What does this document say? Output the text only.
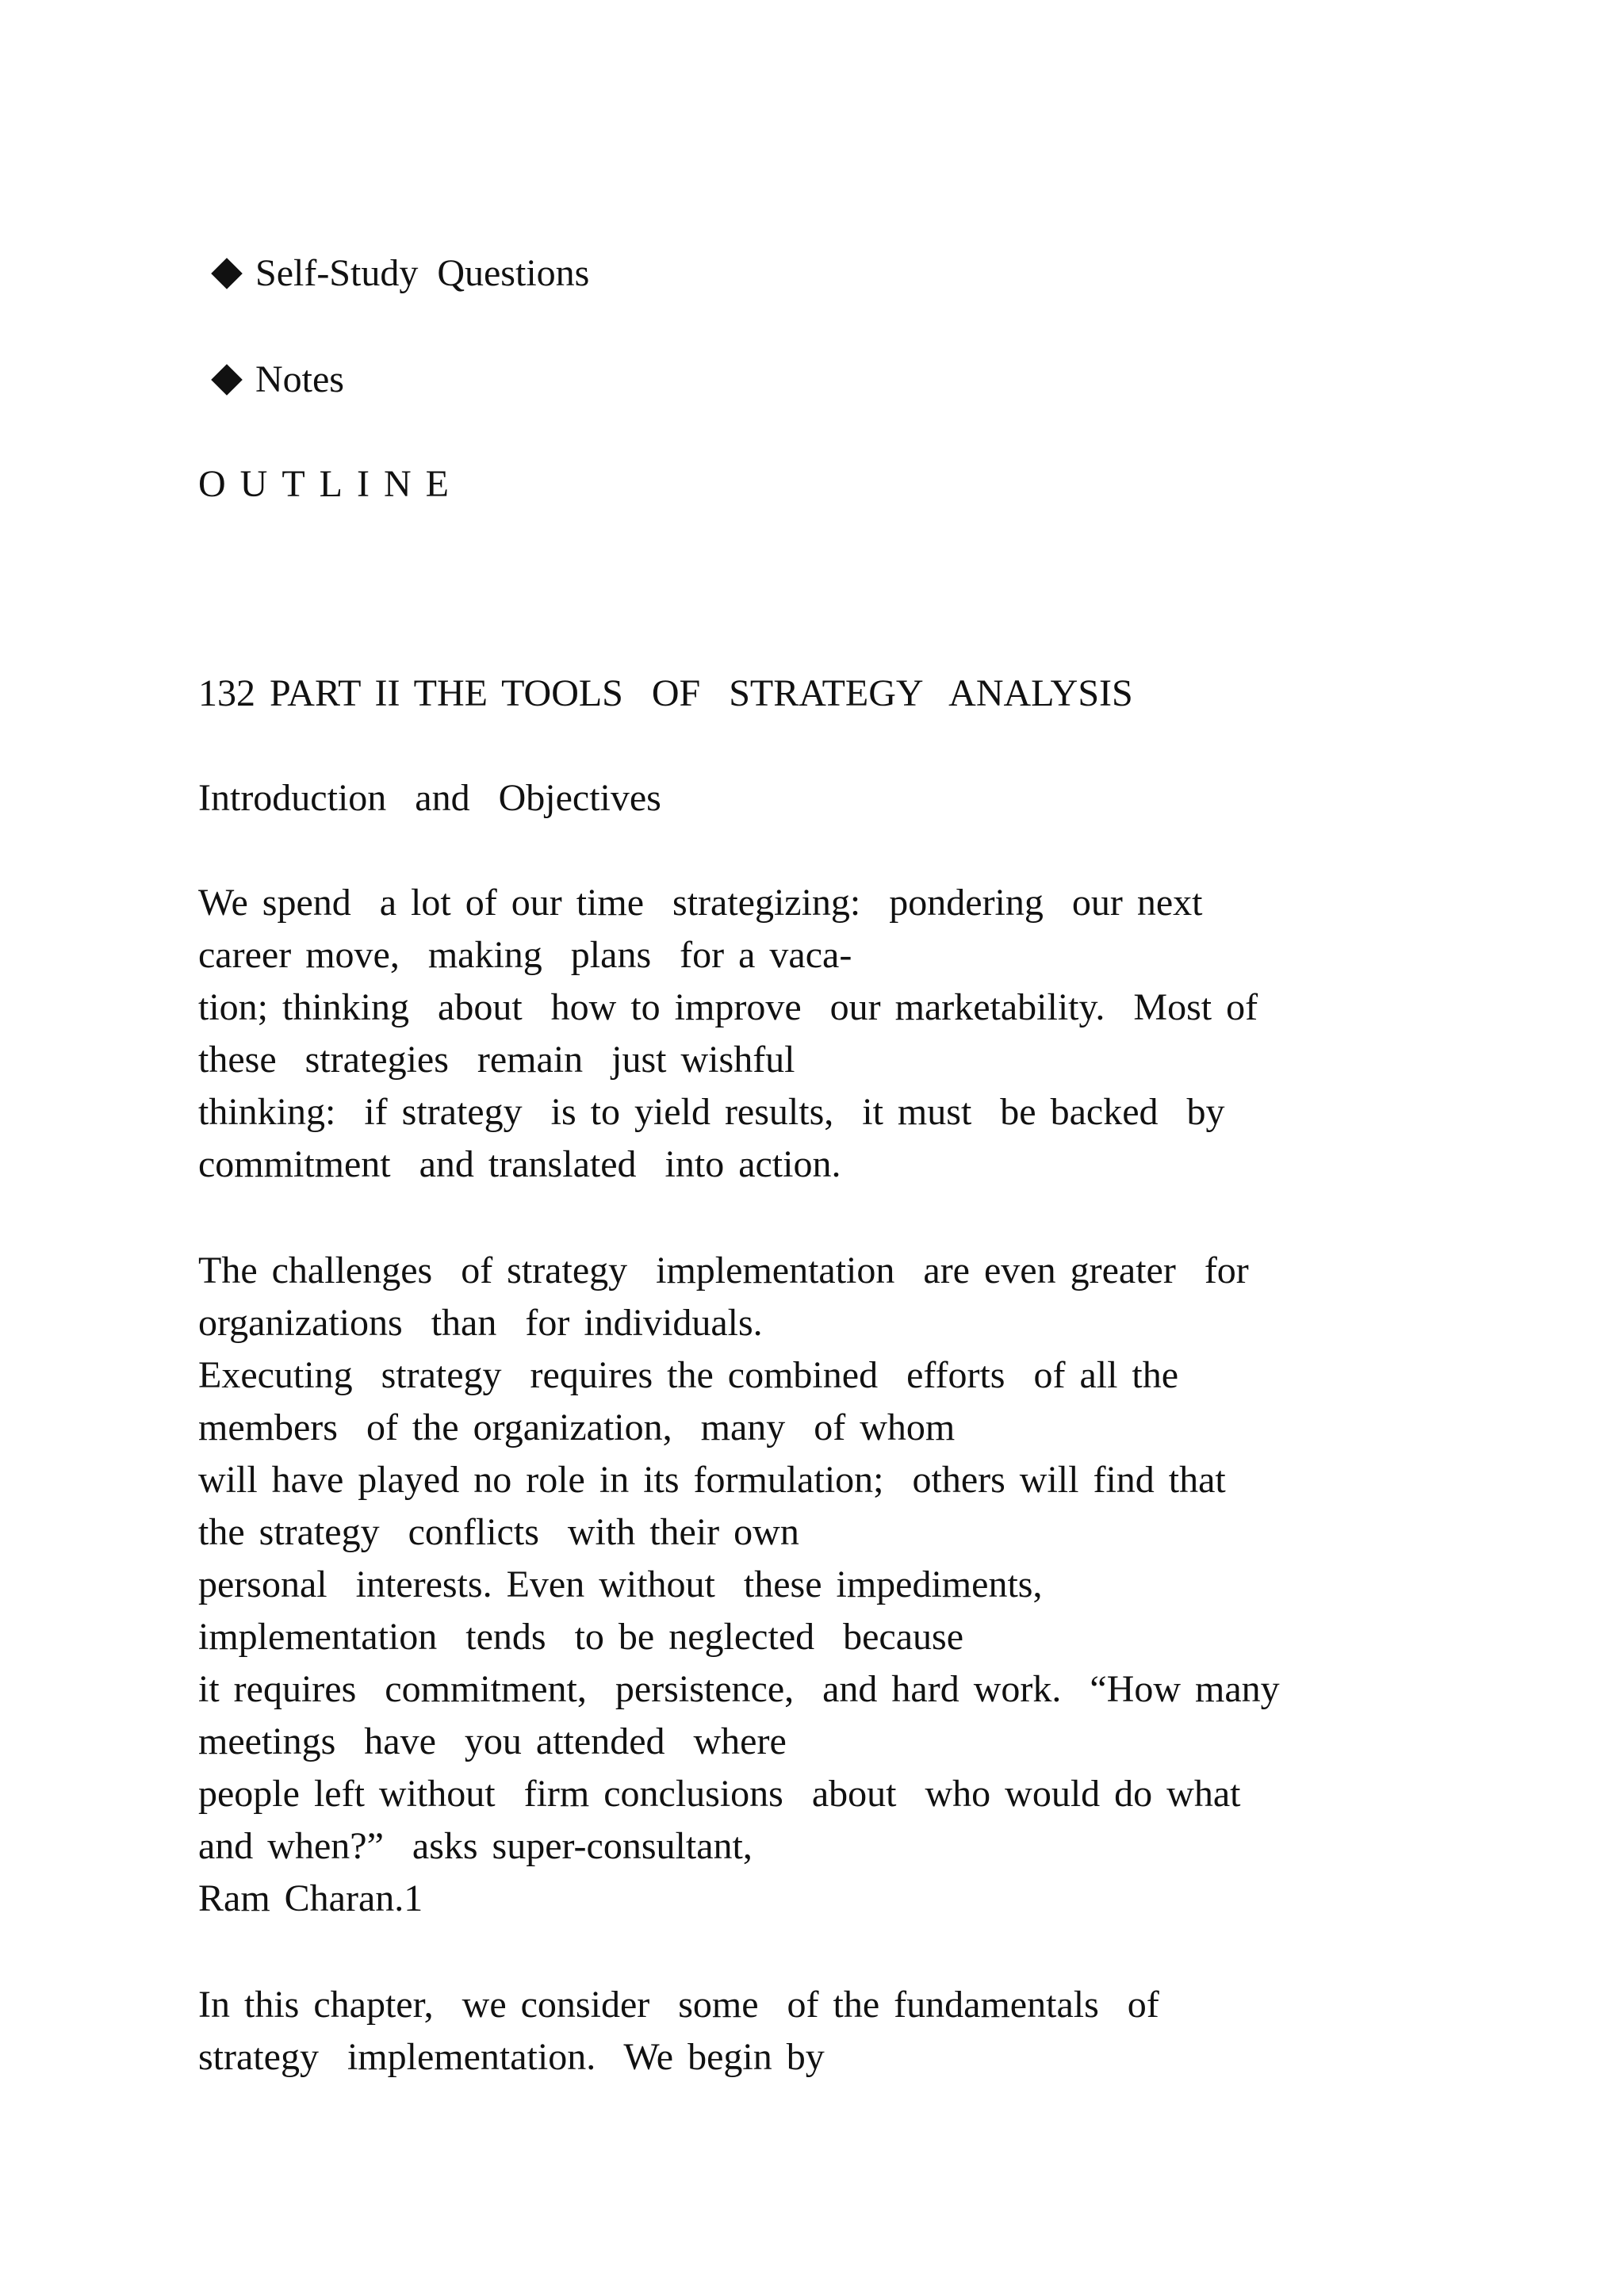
Self-Study  Questions
Notes
OUTLINE
132 PART II THE TOOLS  OF  STRATEGY  ANALYSIS
Introduction  and  Objectives
We spend  a lot of our time  strategizing:  pondering  our next
career move,  making  plans  for a vaca-
tion; thinking  about  how to improve  our marketability.  Most of
these  strategies  remain  just wishful
thinking:  if strategy  is to yield results,  it must  be backed  by
commitment  and translated  into action.
The challenges  of strategy  implementation  are even greater  for
organizations  than  for individuals.
Executing  strategy  requires the combined  efforts  of all the
members  of the organization,  many  of whom
will have played no role in its formulation;  others will find that
the strategy  conflicts  with their own
personal  interests. Even without  these impediments,
implementation  tends  to be neglected  because
it requires  commitment,  persistence,  and hard work.  “How many
meetings  have  you attended  where
people left without  firm conclusions  about  who would do what
and when?”  asks super-consultant,
Ram Charan.1
In this chapter,  we consider  some  of the fundamentals  of
strategy  implementation.  We begin by
